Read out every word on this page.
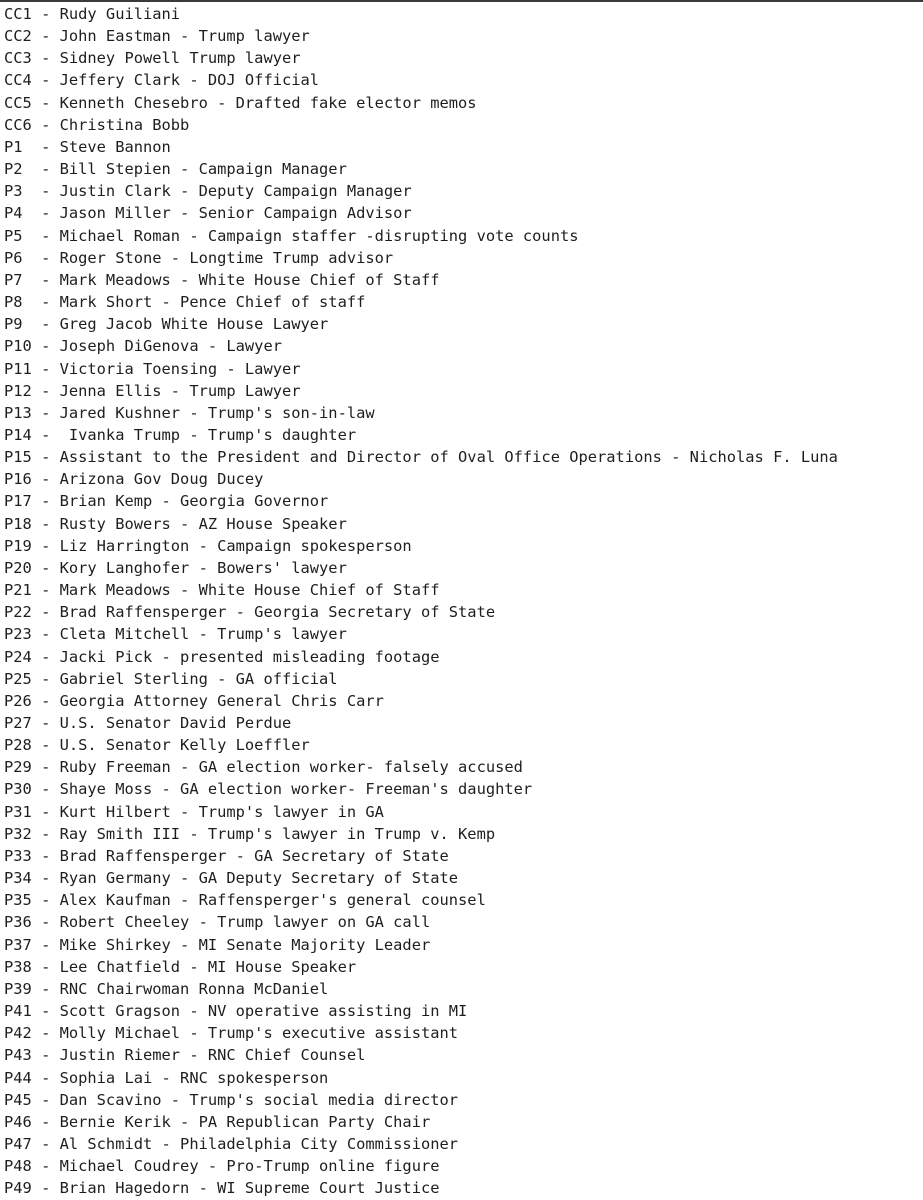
CC1 - Rudy Guiliani
CC2 - John Eastman - Trump lawyer
CC3 - Sidney Powell Trump lawyer
CC4 - Jeffery Clark - DOJ Official
CC5 - Kenneth Chesebro - Drafted fake elector memos
CC6 - Christina Bobb
P1  - Steve Bannon
P2  - Bill Stepien - Campaign Manager
P3  - Justin Clark - Deputy Campaign Manager
P4  - Jason Miller - Senior Campaign Advisor
P5  - Michael Roman - Campaign staffer -disrupting vote counts
P6  - Roger Stone - Longtime Trump advisor
P7  - Mark Meadows - White House Chief of Staff
P8  - Mark Short - Pence Chief of staff
P9  - Greg Jacob White House Lawyer
P10 - Joseph DiGenova - Lawyer
P11 - Victoria Toensing - Lawyer
P12 - Jenna Ellis - Trump Lawyer
P13 - Jared Kushner - Trump's son-in-law
P14 -  Ivanka Trump - Trump's daughter
P15 - Assistant to the President and Director of Oval Office Operations - Nicholas F. Luna
P16 - Arizona Gov Doug Ducey
P17 - Brian Kemp - Georgia Governor
P18 - Rusty Bowers - AZ House Speaker
P19 - Liz Harrington - Campaign spokesperson
P20 - Kory Langhofer - Bowers' lawyer
P21 - Mark Meadows - White House Chief of Staff
P22 - Brad Raffensperger - Georgia Secretary of State
P23 - Cleta Mitchell - Trump's lawyer
P24 - Jacki Pick - presented misleading footage
P25 - Gabriel Sterling - GA official
P26 - Georgia Attorney General Chris Carr
P27 - U.S. Senator David Perdue
P28 - U.S. Senator Kelly Loeffler
P29 - Ruby Freeman - GA election worker- falsely accused
P30 - Shaye Moss - GA election worker- Freeman's daughter
P31 - Kurt Hilbert - Trump's lawyer in GA
P32 - Ray Smith III - Trump's lawyer in Trump v. Kemp
P33 - Brad Raffensperger - GA Secretary of State
P34 - Ryan Germany - GA Deputy Secretary of State
P35 - Alex Kaufman - Raffensperger's general counsel
P36 - Robert Cheeley - Trump lawyer on GA call
P37 - Mike Shirkey - MI Senate Majority Leader
P38 - Lee Chatfield - MI House Speaker
P39 - RNC Chairwoman Ronna McDaniel
P41 - Scott Gragson - NV operative assisting in MI
P42 - Molly Michael - Trump's executive assistant
P43 - Justin Riemer - RNC Chief Counsel
P44 - Sophia Lai - RNC spokesperson
P45 - Dan Scavino - Trump's social media director
P46 - Bernie Kerik - PA Republican Party Chair
P47 - Al Schmidt - Philadelphia City Commissioner
P48 - Michael Coudrey - Pro-Trump online figure
P49 - Brian Hagedorn - WI Supreme Court Justice
